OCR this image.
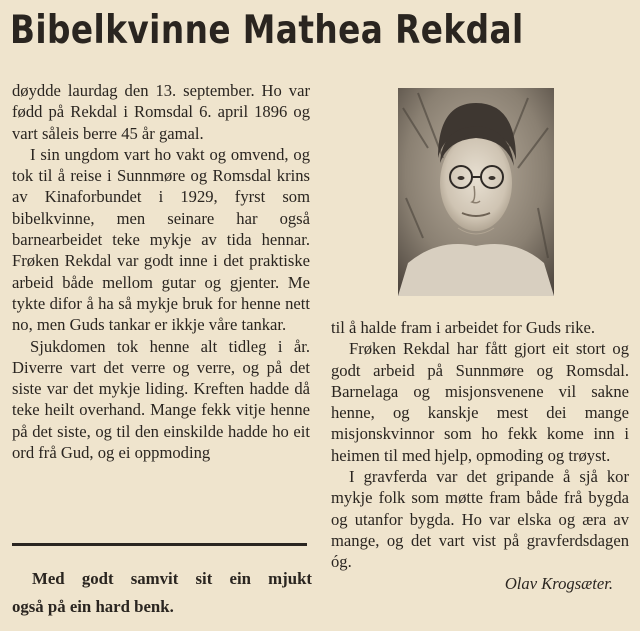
Bibelkvinne Mathea Rekdal

døydde laurdag den 13. september. Ho var fødd på Rekdal i Romsdal 6. april 1896 og vart såleis berre 45 år gamal.

I sin ungdom vart ho vakt og omvend, og tok til å reise i Sunnmøre og Romsdal krins av Kinaforbundet i 1929, fyrst som bibelkvinne, men seinare har også barnearbeidet teke mykje av tida hennar. Frøken Rekdal var godt inne i det praktiske arbeid både mellom gutar og gjenter. Me tykte difor å ha så mykje bruk for henne nett no, men Guds tankar er ikkje våre tankar.

Sjukdomen tok henne alt tidleg i år. Diverre vart det verre og verre, og på det siste var det mykje liding. Kreften hadde då teke heilt overhand. Mange fekk vitje henne på det siste, og til den einskilde hadde ho eit ord frå Gud, og ei oppmoding

til å halde fram i arbeidet for Guds rike.

Frøken Rekdal har fått gjort eit stort og godt arbeid på Sunnmøre og Romsdal. Barnelaga og misjonsvenene vil sakne henne, og kanskje mest dei mange misjonskvinnor som ho fekk kome inn i heimen til med hjelp, opmoding og trøyst.

I gravferda var det gripande å sjå kor mykje folk som møtte fram både frå bygda og utanfor bygda. Ho var elska og æra av mange, og det vart vist på gravferdsdagen óg.

Olav Krogsæter.
Med godt samvit sit ein mjukt
også på ein hard benk.
